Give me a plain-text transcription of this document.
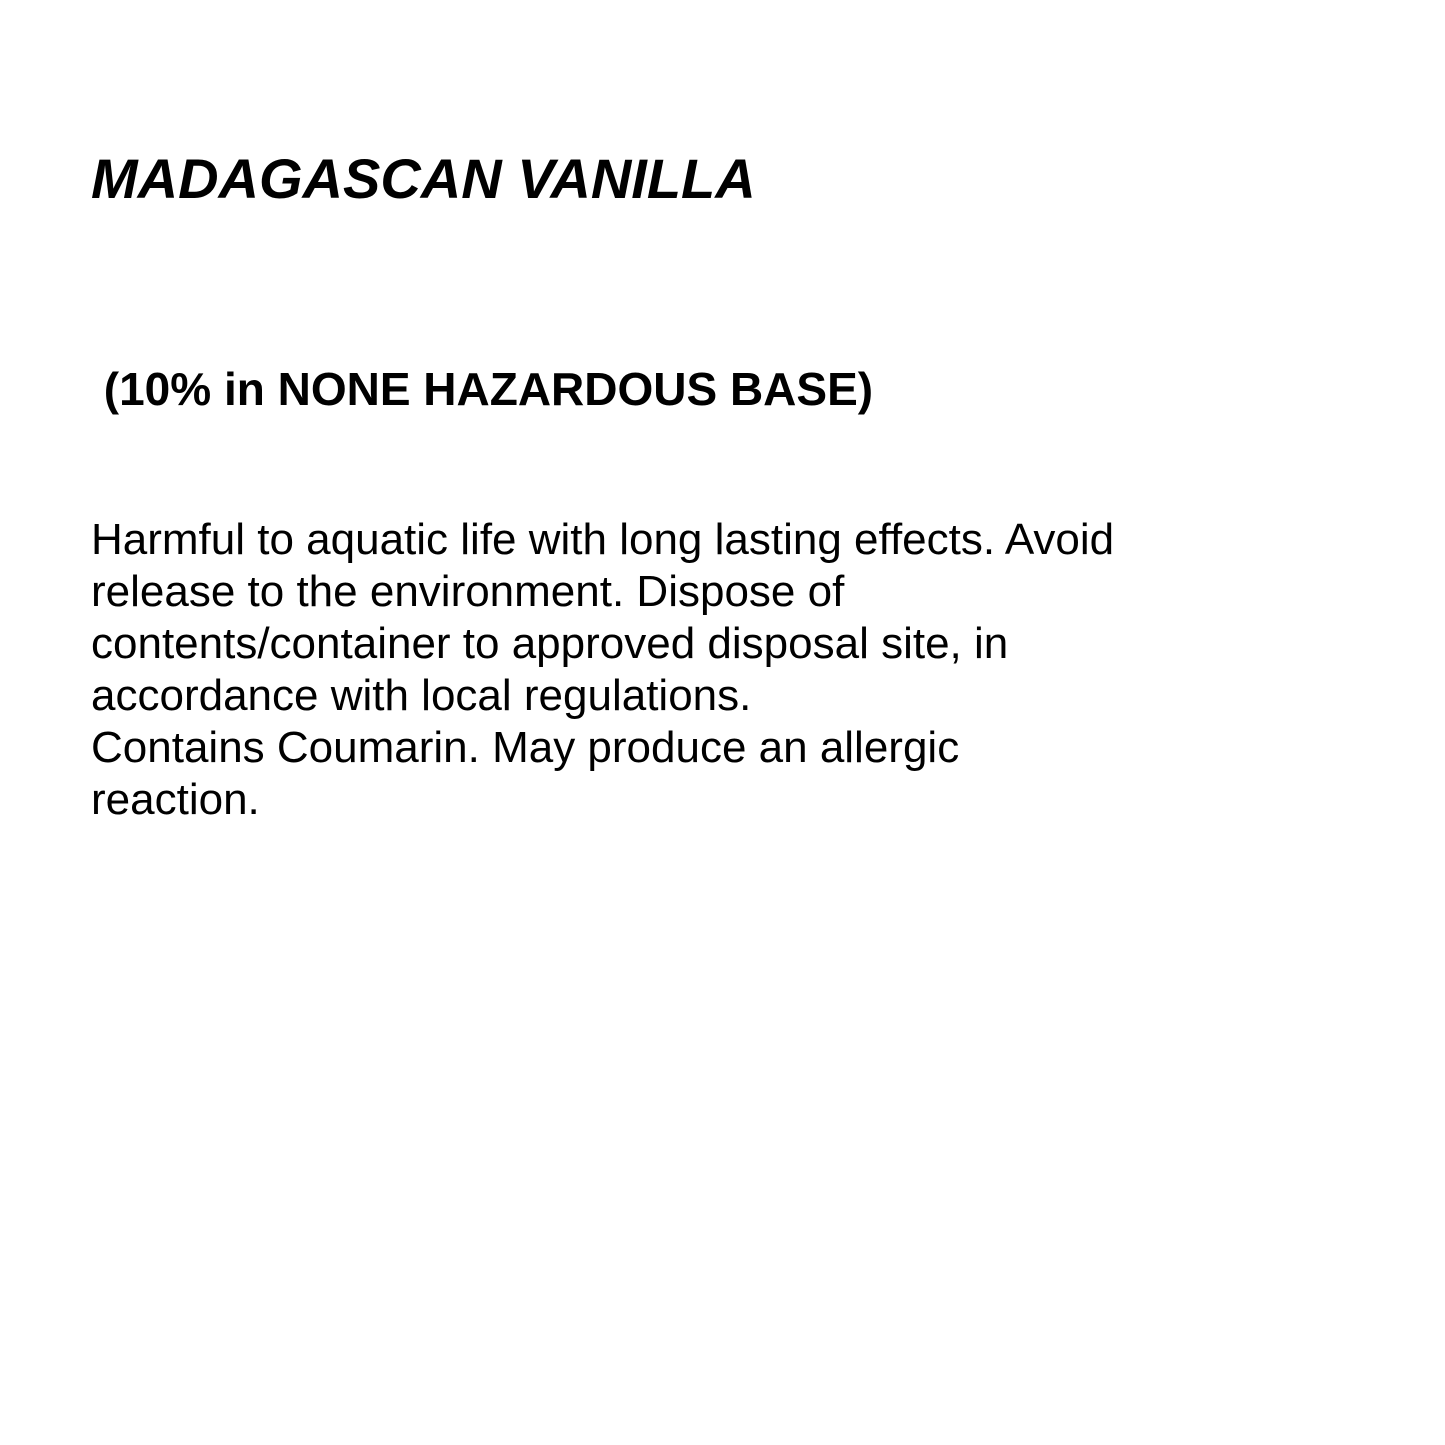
MADAGASCAN VANILLA

(10% in NONE HAZARDOUS BASE)

Harmful to aquatic life with long lasting effects. Avoid
release to the environment. Dispose of
contents/container to approved disposal site, in
accordance with local regulations.
Contains Coumarin. May produce an allergic
reaction.
